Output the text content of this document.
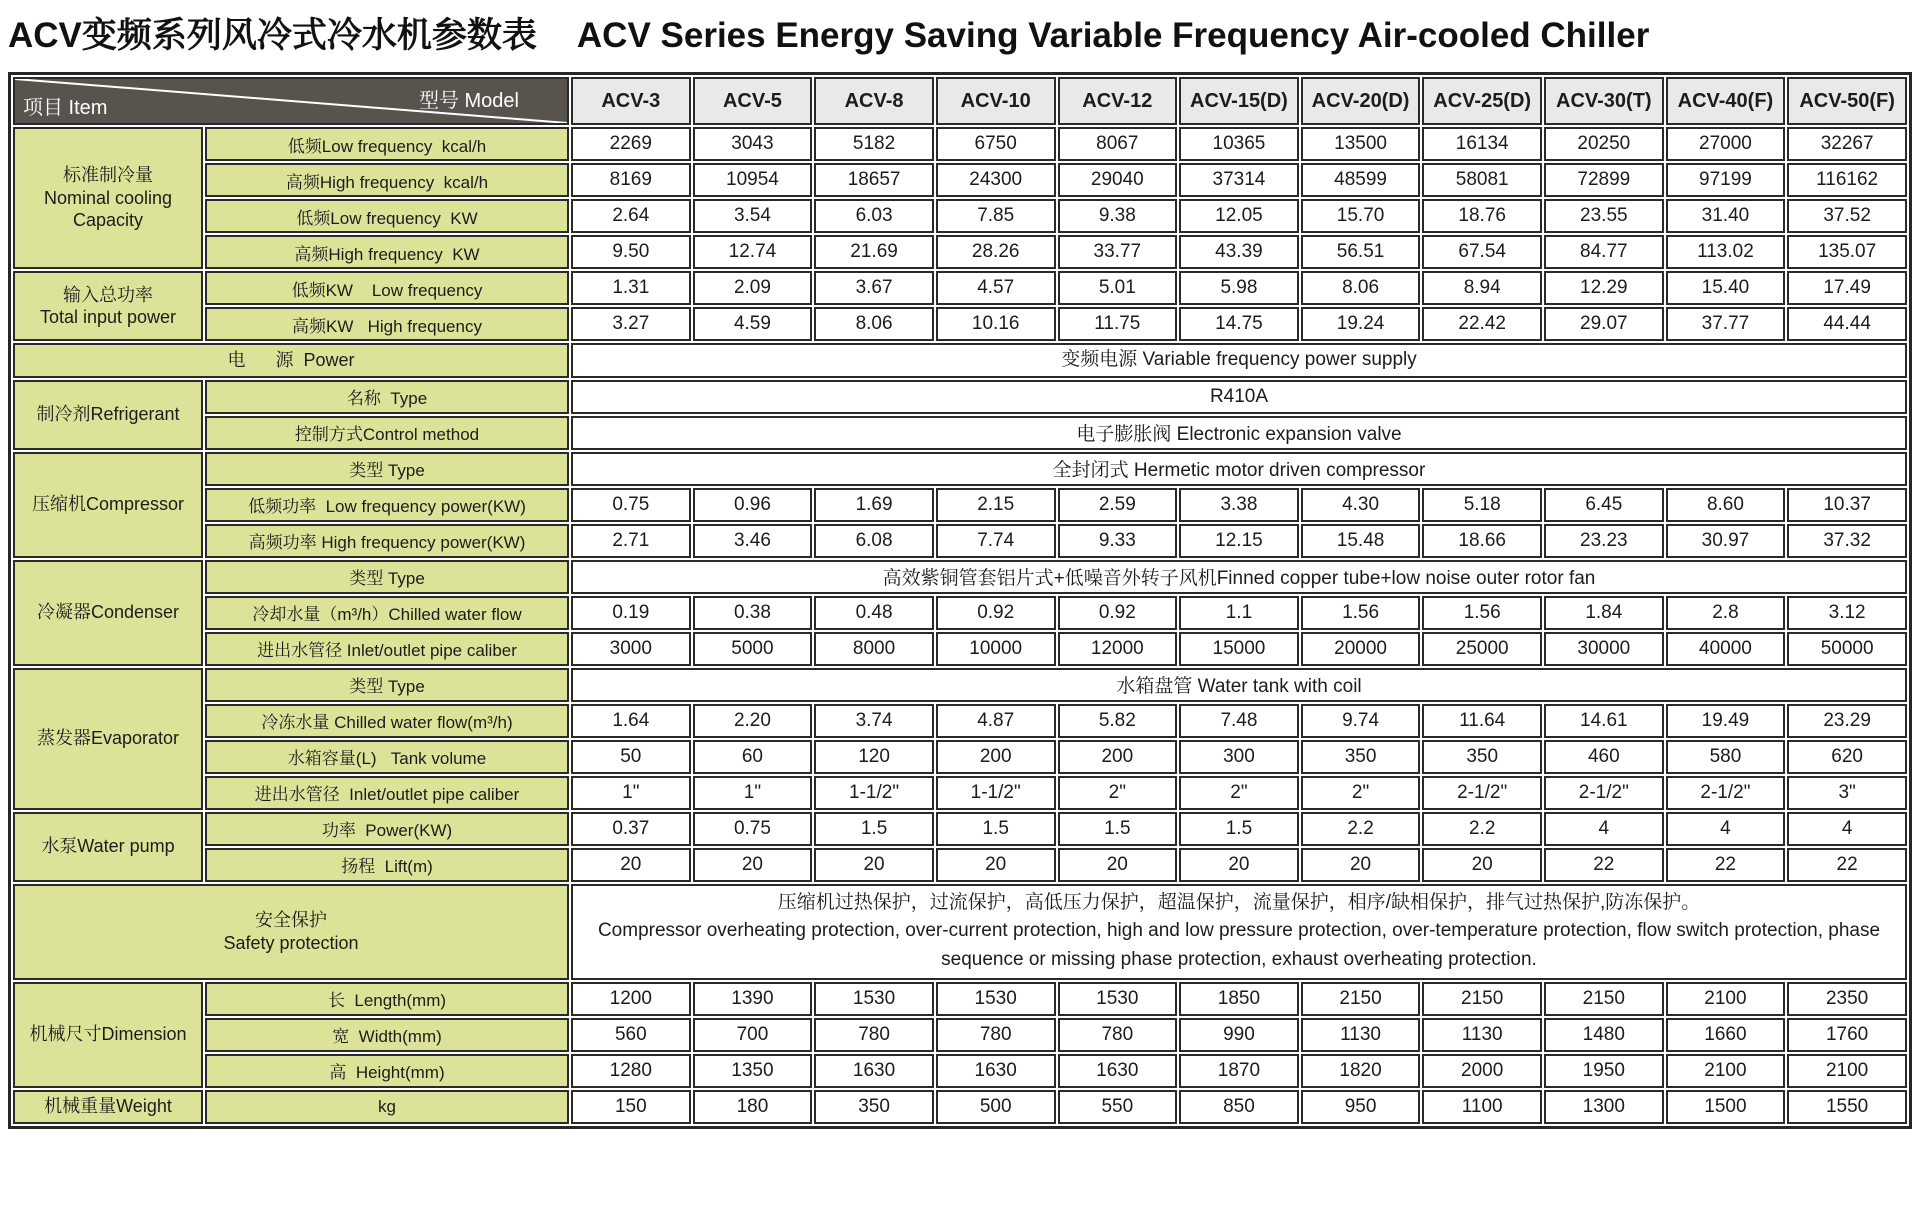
ACV变频系列风冷式冷水机参数表 ACV Series Energy Saving Variable Frequency Air-cooled Chiller
型号 Model
项目 Item		ACV-3	ACV-5	ACV-8	ACV-10	ACV-12	ACV-15(D)	ACV-20(D)	ACV-25(D)	ACV-30(T)	ACV-40(F)	ACV-50(F)

标准制冷量
Nominal cooling
Capacity	低频Low frequency  kcal/h	2269	3043	5182	6750	8067	10365	13500	16134	20250	27000	32267

	高频High frequency  kcal/h	8169	10954	18657	24300	29040	37314	48599	58081	72899	97199	116162

	低频Low frequency  KW	2.64	3.54	6.03	7.85	9.38	12.05	15.70	18.76	23.55	31.40	37.52

	高频High frequency  KW	9.50	12.74	21.69	28.26	33.77	43.39	56.51	67.54	84.77	113.02	135.07

输入总功率
Total input power	低频KW    Low frequency	1.31	2.09	3.67	4.57	5.01	5.98	8.06	8.94	12.29	15.40	17.49

	高频KW   High frequency	3.27	4.59	8.06	10.16	11.75	14.75	19.24	22.42	29.07	37.77	44.44

电      源  Power		变频电源 Variable frequency power supply										

制冷剂Refrigerant	名称  Type	R410A										

	控制方式Control method	电子膨胀阀 Electronic expansion valve										

压缩机Compressor	类型 Type	全封闭式 Hermetic motor driven compressor										

	低频功率  Low frequency power(KW)	0.75	0.96	1.69	2.15	2.59	3.38	4.30	5.18	6.45	8.60	10.37

	高频功率 High frequency power(KW)	2.71	3.46	6.08	7.74	9.33	12.15	15.48	18.66	23.23	30.97	37.32

冷凝器Condenser	类型 Type	高效紫铜管套铝片式+低噪音外转子风机Finned copper tube+low noise outer rotor fan										

	冷却水量（m³/h）Chilled water flow	0.19	0.38	0.48	0.92	0.92	1.1	1.56	1.56	1.84	2.8	3.12

	进出水管径 Inlet/outlet pipe caliber	3000	5000	8000	10000	12000	15000	20000	25000	30000	40000	50000

蒸发器Evaporator	类型 Type	水箱盘管 Water tank with coil										

	冷冻水量 Chilled water flow(m³/h)	1.64	2.20	3.74	4.87	5.82	7.48	9.74	11.64	14.61	19.49	23.29

	水箱容量(L)   Tank volume	50	60	120	200	200	300	350	350	460	580	620

	进出水管径  Inlet/outlet pipe caliber	1"	1"	1-1/2"	1-1/2"	2"	2"	2"	2-1/2"	2-1/2"	2-1/2"	3"

水泵Water pump	功率  Power(KW)	0.37	0.75	1.5	1.5	1.5	1.5	2.2	2.2	4	4	4

	扬程  Lift(m)	20	20	20	20	20	20	20	20	22	22	22

安全保护
Safety protection

压缩机过热保护，过流保护，高低压力保护，超温保护，流量保护，相序/缺相保护，排气过热保护,防冻保护。
Compressor overheating protection, over-current protection, high and low pressure protection, over-temperature protection, flow switch protection, phase sequence or missing phase protection, exhaust overheating protection.

机械尺寸Dimension	长  Length(mm)	1200	1390	1530	1530	1530	1850	2150	2150	2150	2100	2350

	宽  Width(mm)	560	700	780	780	780	990	1130	1130	1480	1660	1760

	高  Height(mm)	1280	1350	1630	1630	1630	1870	1820	2000	1950	2100	2100

机械重量Weight	kg	150	180	350	500	550	850	950	1100	1300	1500	1550
